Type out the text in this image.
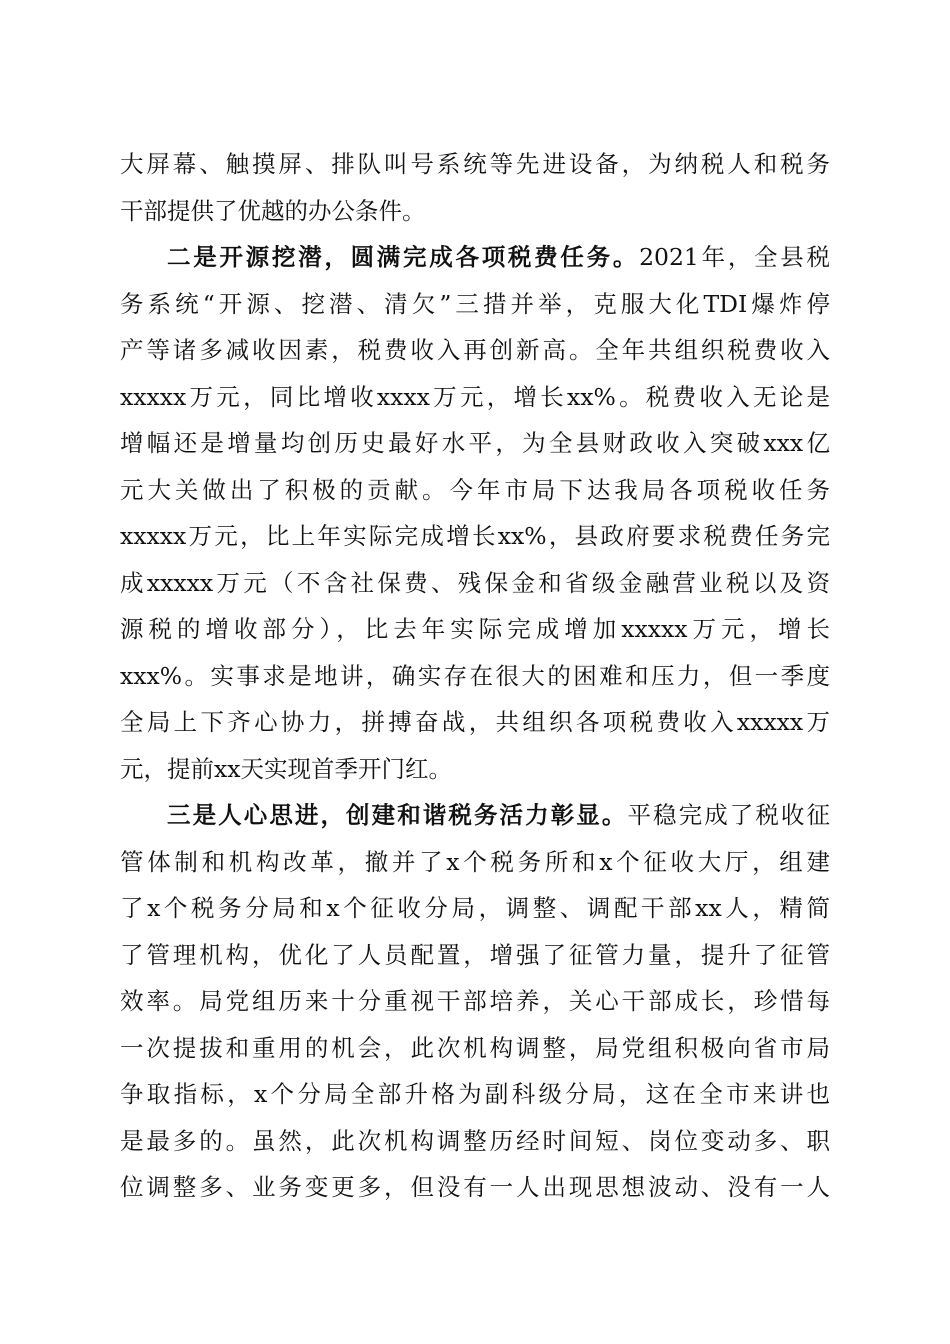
大屏幕、触摸屏、排队叫号系统等先进设备，为纳税人和税务
干部提供了优越的办公条件。
二是开源挖潜，圆满完成各项税费任务。2021年，全县税
务系统“开源、挖潜、清欠”三措并举，克服大化TDI爆炸停
产等诸多减收因素，税费收入再创新高。全年共组织税费收入
xxxxx万元，同比增收xxxx万元，增长xx%。税费收入无论是
增幅还是增量均创历史最好水平，为全县财政收入突破xxx亿
元大关做出了积极的贡献。今年市局下达我局各项税收任务
xxxxx万元，比上年实际完成增长xx%，县政府要求税费任务完
成xxxxx万元（不含社保费、残保金和省级金融营业税以及资
源税的增收部分），比去年实际完成增加xxxxx万元，增长
xxx%。实事求是地讲，确实存在很大的困难和压力，但一季度
全局上下齐心协力，拼搏奋战，共组织各项税费收入xxxxx万
元，提前xx天实现首季开门红。
三是人心思进，创建和谐税务活力彰显。平稳完成了税收征
管体制和机构改革，撤并了x个税务所和x个征收大厅，组建
了x个税务分局和x个征收分局，调整、调配干部xx人，精简
了管理机构，优化了人员配置，增强了征管力量，提升了征管
效率。局党组历来十分重视干部培养，关心干部成长，珍惜每
一次提拔和重用的机会，此次机构调整，局党组积极向省市局
争取指标，x个分局全部升格为副科级分局，这在全市来讲也
是最多的。虽然，此次机构调整历经时间短、岗位变动多、职
位调整多、业务变更多，但没有一人出现思想波动、没有一人
